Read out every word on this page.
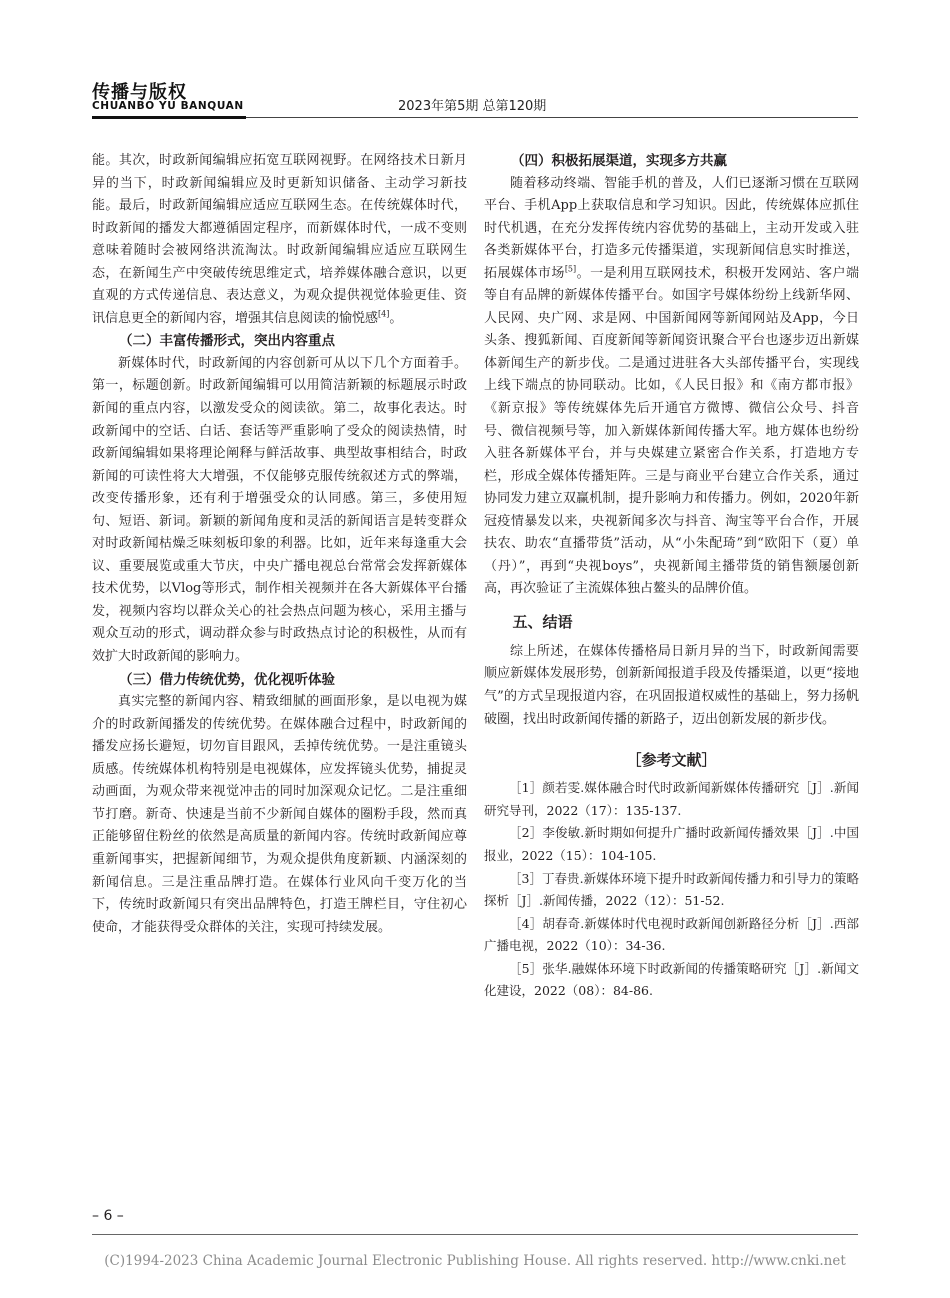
传播与版权
CHUANBO YU BANQUAN	2023年第5期 总第120期

能。其次，时政新闻编辑应拓宽互联网视野。在网络技术日新月异的当下，时政新闻编辑应及时更新知识储备、主动学习新技能。最后，时政新闻编辑应适应互联网生态。在传统媒体时代，时政新闻的播发大都遵循固定程序，而新媒体时代，一成不变则意味着随时会被网络洪流淘汰。时政新闻编辑应适应互联网生态，在新闻生产中突破传统思维定式，培养媒体融合意识，以更直观的方式传递信息、表达意义，为观众提供视觉体验更佳、资讯信息更全的新闻内容，增强其信息阅读的愉悦感[4]。

（二）丰富传播形式，突出内容重点

新媒体时代，时政新闻的内容创新可从以下几个方面着手。第一，标题创新。时政新闻编辑可以用简洁新颖的标题展示时政新闻的重点内容，以激发受众的阅读欲。第二，故事化表达。时政新闻中的空话、白话、套话等严重影响了受众的阅读热情，时政新闻编辑如果将理论阐释与鲜活故事、典型故事相结合，时政新闻的可读性将大大增强，不仅能够克服传统叙述方式的弊端，改变传播形象，还有利于增强受众的认同感。第三，多使用短句、短语、新词。新颖的新闻角度和灵活的新闻语言是转变群众对时政新闻枯燥乏味刻板印象的利器。比如，近年来每逢重大会议、重要展览或重大节庆，中央广播电视总台常常会发挥新媒体技术优势，以Vlog等形式，制作相关视频并在各大新媒体平台播发，视频内容均以群众关心的社会热点问题为核心，采用主播与观众互动的形式，调动群众参与时政热点讨论的积极性，从而有效扩大时政新闻的影响力。

（三）借力传统优势，优化视听体验

真实完整的新闻内容、精致细腻的画面形象，是以电视为媒介的时政新闻播发的传统优势。在媒体融合过程中，时政新闻的播发应扬长避短，切勿盲目跟风，丢掉传统优势。一是注重镜头质感。传统媒体机构特别是电视媒体，应发挥镜头优势，捕捉灵动画面，为观众带来视觉冲击的同时加深观众记忆。二是注重细节打磨。新奇、快速是当前不少新闻自媒体的圈粉手段，然而真正能够留住粉丝的依然是高质量的新闻内容。传统时政新闻应尊重新闻事实，把握新闻细节，为观众提供角度新颖、内涵深刻的新闻信息。三是注重品牌打造。在媒体行业风向千变万化的当下，传统时政新闻只有突出品牌特色，打造王牌栏目，守住初心使命，才能获得受众群体的关注，实现可持续发展。

（四）积极拓展渠道，实现多方共赢

随着移动终端、智能手机的普及，人们已逐渐习惯在互联网平台、手机App上获取信息和学习知识。因此，传统媒体应抓住时代机遇，在充分发挥传统内容优势的基础上，主动开发或入驻各类新媒体平台，打造多元传播渠道，实现新闻信息实时推送，拓展媒体市场[5]。一是利用互联网技术，积极开发网站、客户端等自有品牌的新媒体传播平台。如国字号媒体纷纷上线新华网、人民网、央广网、求是网、中国新闻网等新闻网站及App，今日头条、搜狐新闻、百度新闻等新闻资讯聚合平台也逐步迈出新媒体新闻生产的新步伐。二是通过进驻各大头部传播平台，实现线上线下端点的协同联动。比如，《人民日报》和《南方都市报》《新京报》等传统媒体先后开通官方微博、微信公众号、抖音号、微信视频号等，加入新媒体新闻传播大军。地方媒体也纷纷入驻各新媒体平台，并与央媒建立紧密合作关系，打造地方专栏，形成全媒体传播矩阵。三是与商业平台建立合作关系，通过协同发力建立双赢机制，提升影响力和传播力。例如，2020年新冠疫情暴发以来，央视新闻多次与抖音、淘宝等平台合作，开展扶农、助农“直播带货”活动，从“小朱配琦”到“欧阳下（夏）单（丹）”，再到“央视boys”，央视新闻主播带货的销售额屡创新高，再次验证了主流媒体独占鳌头的品牌价值。

五、结语

综上所述，在媒体传播格局日新月异的当下，时政新闻需要顺应新媒体发展形势，创新新闻报道手段及传播渠道，以更“接地气”的方式呈现报道内容，在巩固报道权威性的基础上，努力扬帆破圈，找出时政新闻传播的新路子，迈出创新发展的新步伐。

［参考文献］

［1］颜若雯.媒体融合时代时政新闻新媒体传播研究［J］.新闻研究导刊，2022（17）：135-137.

［2］李俊敏.新时期如何提升广播时政新闻传播效果［J］.中国报业，2022（15）：104-105.

［3］丁春贵.新媒体环境下提升时政新闻传播力和引导力的策略探析［J］.新闻传播，2022（12）：51-52.

［4］胡春奇.新媒体时代电视时政新闻创新路径分析［J］.西部广播电视，2022（10）：34-36.

［5］张华.融媒体环境下时政新闻的传播策略研究［J］.新闻文化建设，2022（08）：84-86.

– 6 –
(C)1994-2023 China Academic Journal Electronic Publishing House. All rights reserved. http://www.cnki.net
